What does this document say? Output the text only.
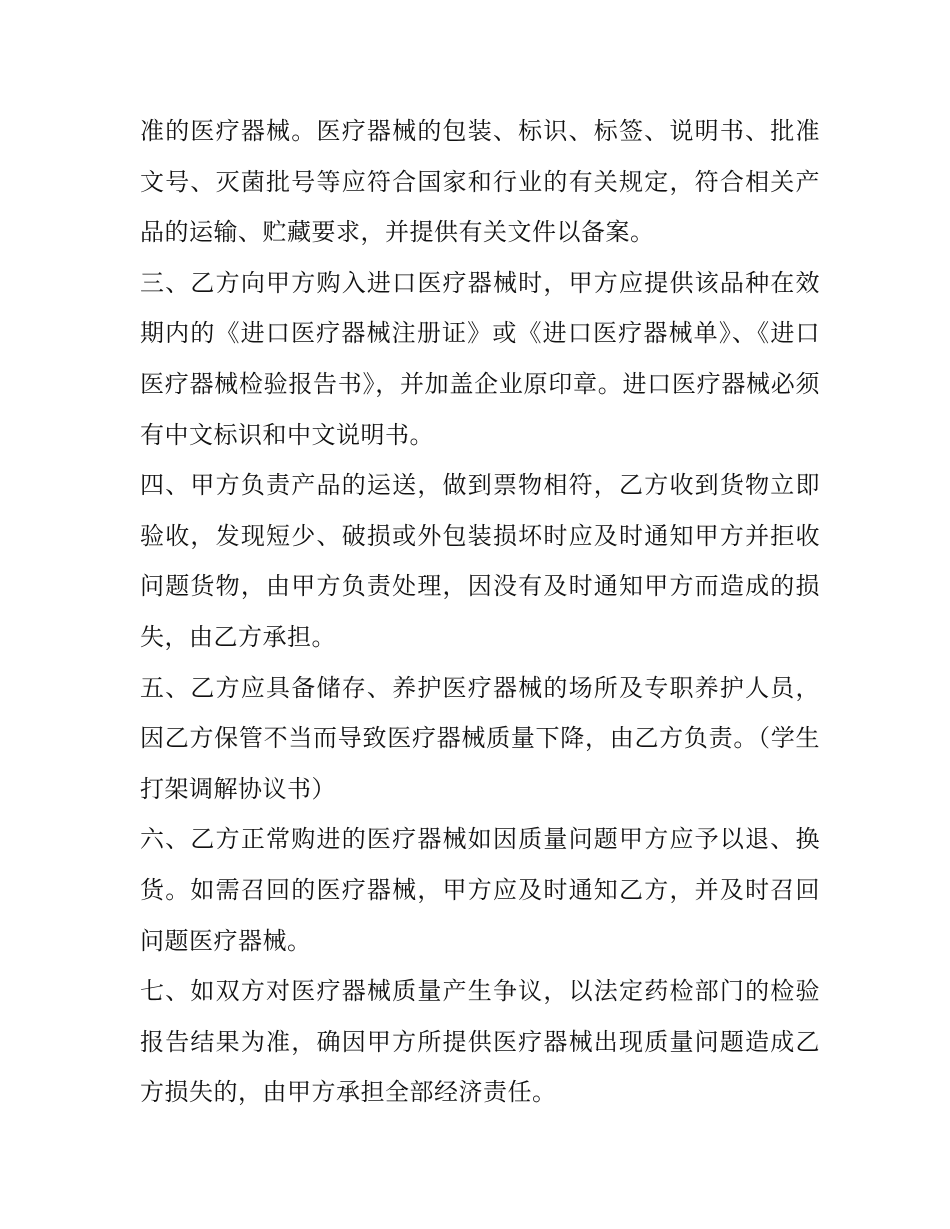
准的医疗器械。医疗器械的包装、标识、标签、说明书、批准文号、灭菌批号等应符合国家和行业的有关规定，符合相关产品的运输、贮藏要求，并提供有关文件以备案。

三、乙方向甲方购入进口医疗器械时，甲方应提供该品种在效期内的《进口医疗器械注册证》或《进口医疗器械单》、《进口医疗器械检验报告书》，并加盖企业原印章。进口医疗器械必须有中文标识和中文说明书。

四、甲方负责产品的运送，做到票物相符，乙方收到货物立即验收，发现短少、破损或外包装损坏时应及时通知甲方并拒收问题货物，由甲方负责处理，因没有及时通知甲方而造成的损失，由乙方承担。

五、乙方应具备储存、养护医疗器械的场所及专职养护人员，因乙方保管不当而导致医疗器械质量下降，由乙方负责。（学生打架调解协议书）

六、乙方正常购进的医疗器械如因质量问题甲方应予以退、换货。如需召回的医疗器械，甲方应及时通知乙方，并及时召回问题医疗器械。

七、如双方对医疗器械质量产生争议，以法定药检部门的检验报告结果为准，确因甲方所提供医疗器械出现质量问题造成乙方损失的，由甲方承担全部经济责任。
